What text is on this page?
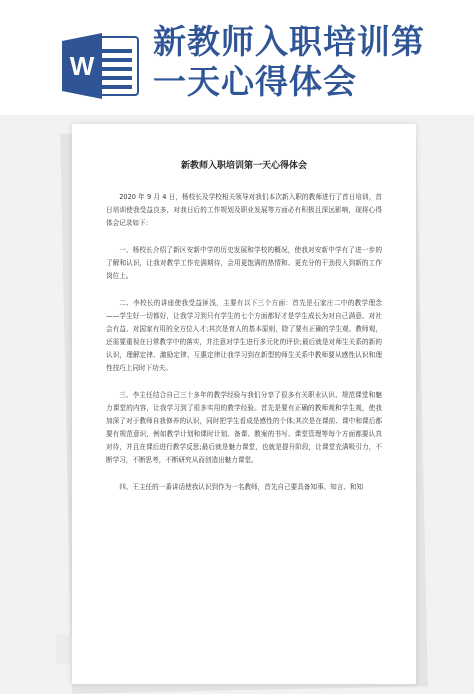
W
新教师入职培训第
一天心得体会
新教师入职培训第一天心得体会

2020 年 9 月 4 日，杨校长及学校相关领导对我们本次新入职的教师进行了首日培训，首日培训使我受益良多，对我日后的工作规划及职业发展等方面必有积极且深远影响，现将心得体会记录如下：

一、杨校长介绍了新区安新中学的历史发展和学校的概况，使我对安新中学有了进一步的了解和认识，让我对教学工作充满期待，会用更饱满的热情和、更充分的干劲投入到新的工作岗位上。

二、李校长的讲座使我受益匪浅，主要有以下三个方面：首先是石家庄二中的教学理念——学生好一切都好，让我学习到只有学生的七个方面都好才是学生成长为对自己满意、对社会有益、对国家有用的全方位人才;其次是育人的基本原则，除了要有正确的学生观、教师观，还需要重视在日常教学中的落实，并注意对学生进行多元化的评价;最后就是对师生关系的新的认识，理解定律、激励定律、互惠定律让我学习到在新型的师生关系中教师要从感性认识和理性技巧上同时下功夫。

三、李主任结合自己三十多年的教学经验与我们分享了很多有关职业认识、规范课堂和魅力课堂的内容，让我学习到了很多实用的教学经验。首先是要有正确的教师观和学生观，使我加深了对于教师自我修养的认识，同时把学生看成是感性的个体;其次是在课前、课中和课后都要有规范意识，例如教学计划和课时计划、备课、教案的书写、课堂管理等每个方面都要认真对待，并且在课后进行教学反思;最后就是魅力课堂，也就是提升阶段，让课堂充满吸引力，不断学习，不断思考，不断研究从而创造出魅力课堂。

四、王主任的一番讲话使我认识到作为一名教师，首先自己要具备知事、知言、和知
